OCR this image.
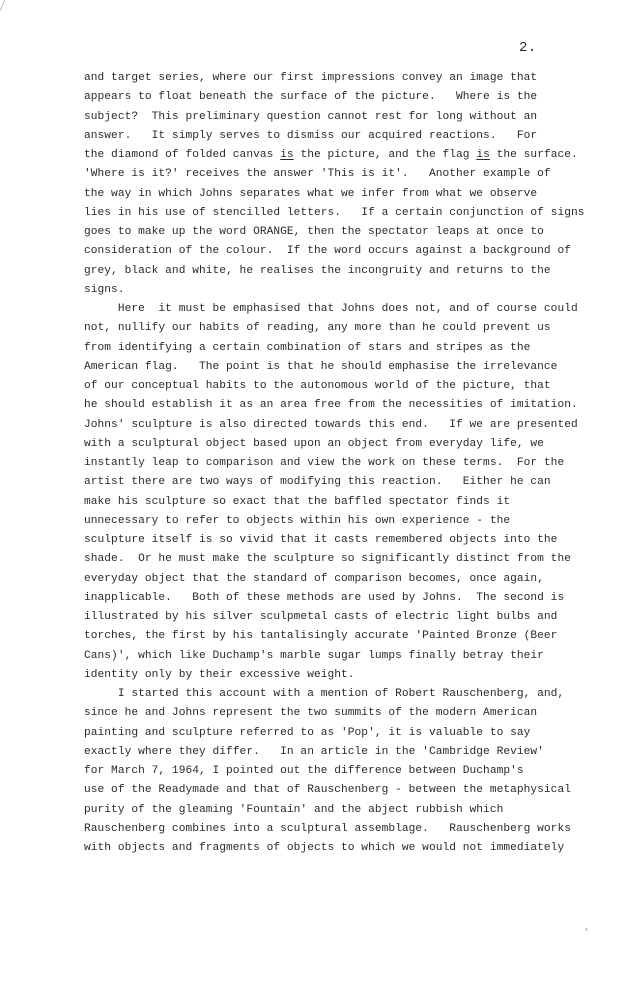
2.
and target series, where our first impressions convey an image that
appears to float beneath the surface of the picture.   Where is the
subject?  This preliminary question cannot rest for long without an
answer.   It simply serves to dismiss our acquired reactions.   For
the diamond of folded canvas is the picture, and the flag is the surface.
'Where is it?' receives the answer 'This is it'.   Another example of
the way in which Johns separates what we infer from what we observe
lies in his use of stencilled letters.   If a certain conjunction of signs
goes to make up the word ORANGE, then the spectator leaps at once to
consideration of the colour.  If the word occurs against a background of
grey, black and white, he realises the incongruity and returns to the
signs.
Here  it must be emphasised that Johns does not, and of course could
not, nullify our habits of reading, any more than he could prevent us
from identifying a certain combination of stars and stripes as the
American flag.   The point is that he should emphasise the irrelevance
of our conceptual habits to the autonomous world of the picture, that
he should establish it as an area free from the necessities of imitation.
Johns' sculpture is also directed towards this end.   If we are presented
with a sculptural object based upon an object from everyday life, we
instantly leap to comparison and view the work on these terms.  For the
artist there are two ways of modifying this reaction.   Either he can
make his sculpture so exact that the baffled spectator finds it
unnecessary to refer to objects within his own experience - the
sculpture itself is so vivid that it casts remembered objects into the
shade.  Or he must make the sculpture so significantly distinct from the
everyday object that the standard of comparison becomes, once again,
inapplicable.   Both of these methods are used by Johns.  The second is
illustrated by his silver sculpmetal casts of electric light bulbs and
torches, the first by his tantalisingly accurate 'Painted Bronze (Beer
Cans)', which like Duchamp's marble sugar lumps finally betray their
identity only by their excessive weight.
I started this account with a mention of Robert Rauschenberg, and,
since he and Johns represent the two summits of the modern American
painting and sculpture referred to as 'Pop', it is valuable to say
exactly where they differ.   In an article in the 'Cambridge Review'
for March 7, 1964, I pointed out the difference between Duchamp's
use of the Readymade and that of Rauschenberg - between the metaphysical
purity of the gleaming 'Fountain' and the abject rubbish which
Rauschenberg combines into a sculptural assemblage.   Rauschenberg works
with objects and fragments of objects to which we would not immediately
